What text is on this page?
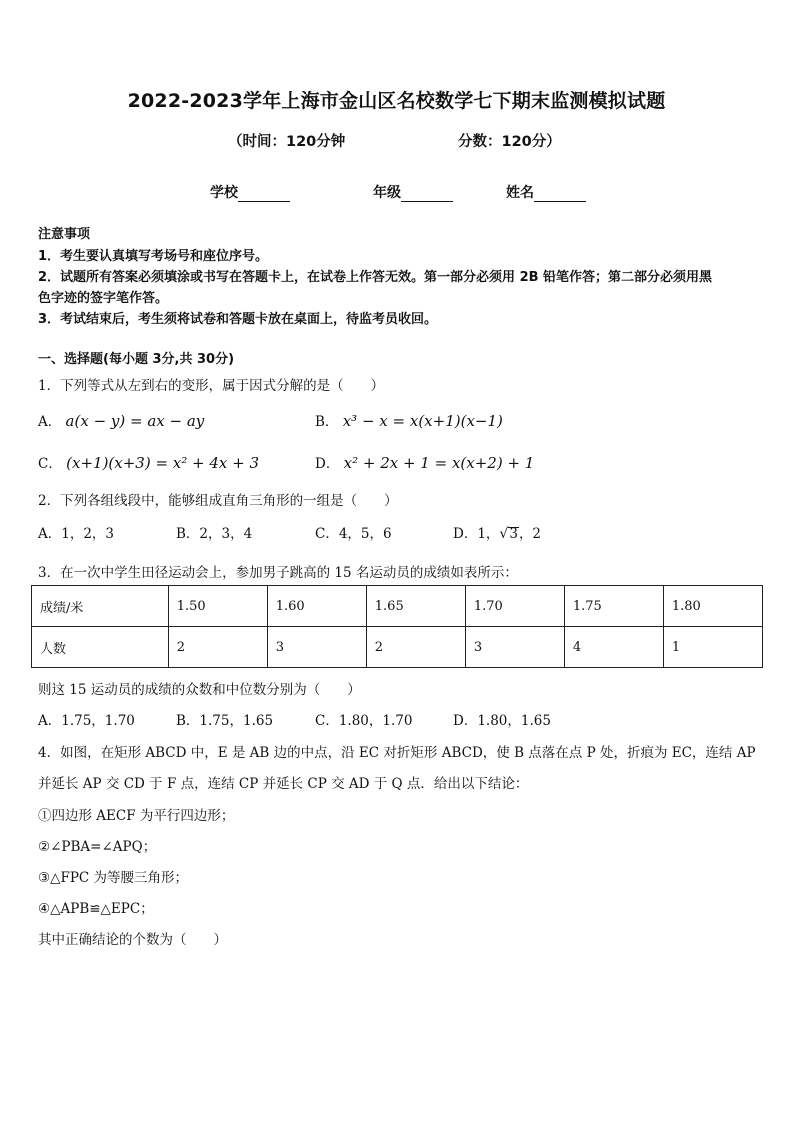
2022-2023学年上海市金山区名校数学七下期末监测模拟试题
（时间：120分钟	分数：120分）
学校	年级	姓名
注意事项
1．考生要认真填写考场号和座位序号。
2．试题所有答案必须填涂或书写在答题卡上，在试卷上作答无效。第一部分必须用 2B 铅笔作答；第二部分必须用黑
色字迹的签字笔作答。
3．考试结束后，考生须将试卷和答题卡放在桌面上，待监考员收回。
一、选择题(每小题 3分,共 30分)
1．下列等式从左到右的变形，属于因式分解的是（　　）
A． a(x − y) = ax − ay	B． x³ − x = x(x+1)(x−1)
C． (x+1)(x+3) = x² + 4x + 3	D． x² + 2x + 1 = x(x+2) + 1
2．下列各组线段中，能够组成直角三角形的一组是（　　）
A．1，2，3	B．2，3，4	C．4，5，6	D．1，√3，2
3．在一次中学生田径运动会上，参加男子跳高的 15 名运动员的成绩如表所示：
成绩/米	1.50	1.60	1.65	1.70	1.75	1.80
人数	2	3	2	3	4	1
则这 15 运动员的成绩的众数和中位数分别为（　　）
A．1.75，1.70	B．1.75，1.65	C．1.80，1.70	D．1.80，1.65
4．如图，在矩形 ABCD 中，E 是 AB 边的中点，沿 EC 对折矩形 ABCD，使 B 点落在点 P 处，折痕为 EC，连结 AP
并延长 AP 交 CD 于 F 点，连结 CP 并延长 CP 交 AD 于 Q 点．给出以下结论：
①四边形 AECF 为平行四边形；
②∠PBA=∠APQ；
③△FPC 为等腰三角形；
④△APB≌△EPC；
其中正确结论的个数为（　　）
